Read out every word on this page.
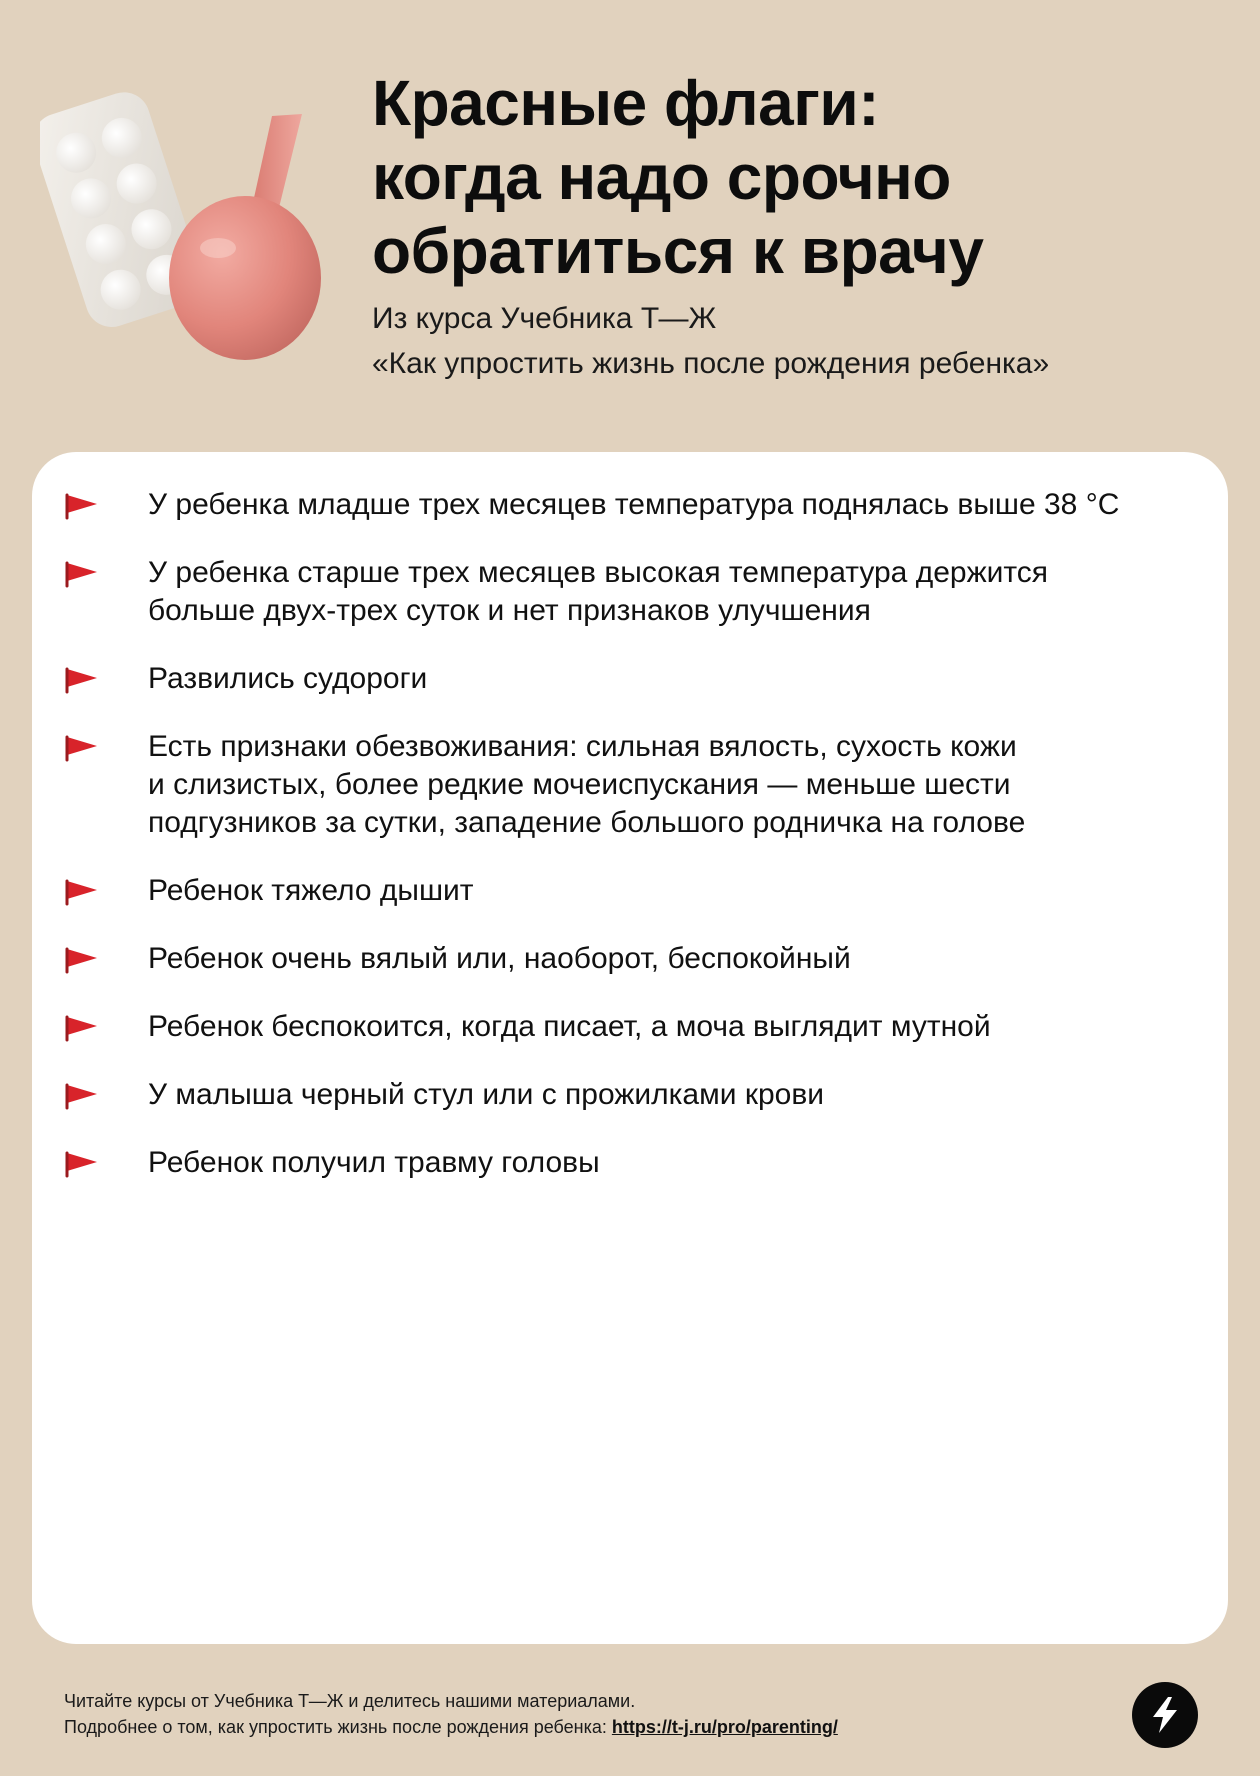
Красные флаги:
когда надо срочно
обратиться к врачу

Из курса Учебника Т—Ж
«Как упростить жизнь после рождения ребенка»

У ребенка младше трех месяцев температура поднялась выше 38 °C
У ребенка старше трех месяцев высокая температура держится
больше двух-трех суток и нет признаков улучшения
Развились судороги
Есть признаки обезвоживания: сильная вялость, сухость кожи
и слизистых, более редкие мочеиспускания — меньше шести
подгузников за сутки, западение большого родничка на голове
Ребенок тяжело дышит
Ребенок очень вялый или, наоборот, беспокойный
Ребенок беспокоится, когда писает, а моча выглядит мутной
У малыша черный стул или с прожилками крови
Ребенок получил травму головы
Читайте курсы от Учебника Т—Ж и делитесь нашими материалами.
Подробнее о том, как упростить жизнь после рождения ребенка: https://t-j.ru/pro/parenting/
